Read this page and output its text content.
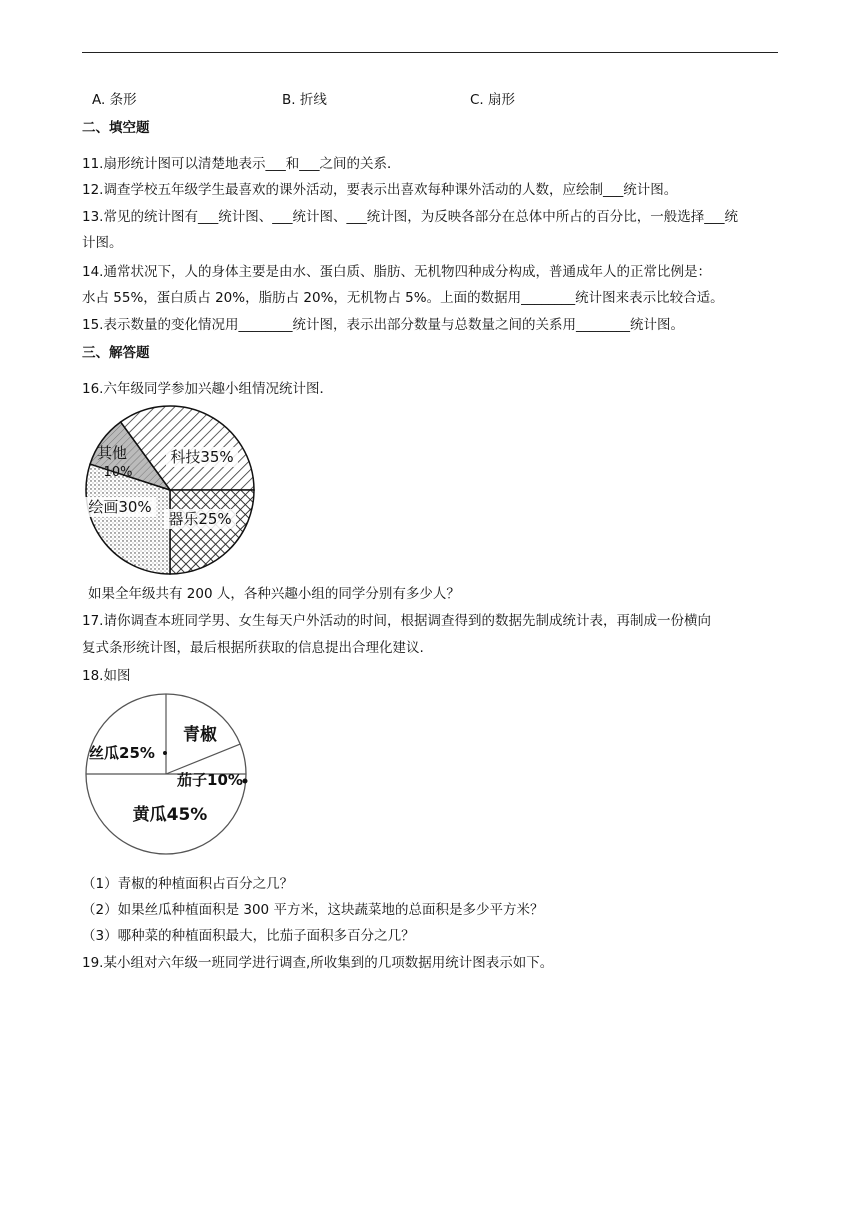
A. 条形	B. 折线	C. 扇形
二、填空题
11.扇形统计图可以清楚地表示___和___之间的关系．
12.调查学校五年级学生最喜欢的课外活动，要表示出喜欢每种课外活动的人数，应绘制___统计图。
13.常见的统计图有___统计图、___统计图、___统计图，为反映各部分在总体中所占的百分比，一般选择___统
计图。
14.通常状况下，人的身体主要是由水、蛋白质、脂肪、无机物四种成分构成，普通成年人的正常比例是：
水占 55%，蛋白质占 20%，脂肪占 20%，无机物占 5%。上面的数据用________统计图来表示比较合适。
15.表示数量的变化情况用________统计图，表示出部分数量与总数量之间的关系用________统计图。
三、解答题
16.六年级同学参加兴趣小组情况统计图．
科技35%
器乐25%
绘画30%
10%
其他
如果全年级共有 200 人，各种兴趣小组的同学分别有多少人？
17.请你调查本班同学男、女生每天户外活动的时间，根据调查得到的数据先制成统计表，再制成一份横向
复式条形统计图，最后根据所获取的信息提出合理化建议.
18.如图
青椒
茄子10%
黄瓜45%
丝瓜25%
（1）青椒的种植面积占百分之几？
（2）如果丝瓜种植面积是 300 平方米，这块蔬菜地的总面积是多少平方米？
（3）哪种菜的种植面积最大，比茄子面积多百分之几？
19.某小组对六年级一班同学进行调查,所收集到的几项数据用统计图表示如下。
